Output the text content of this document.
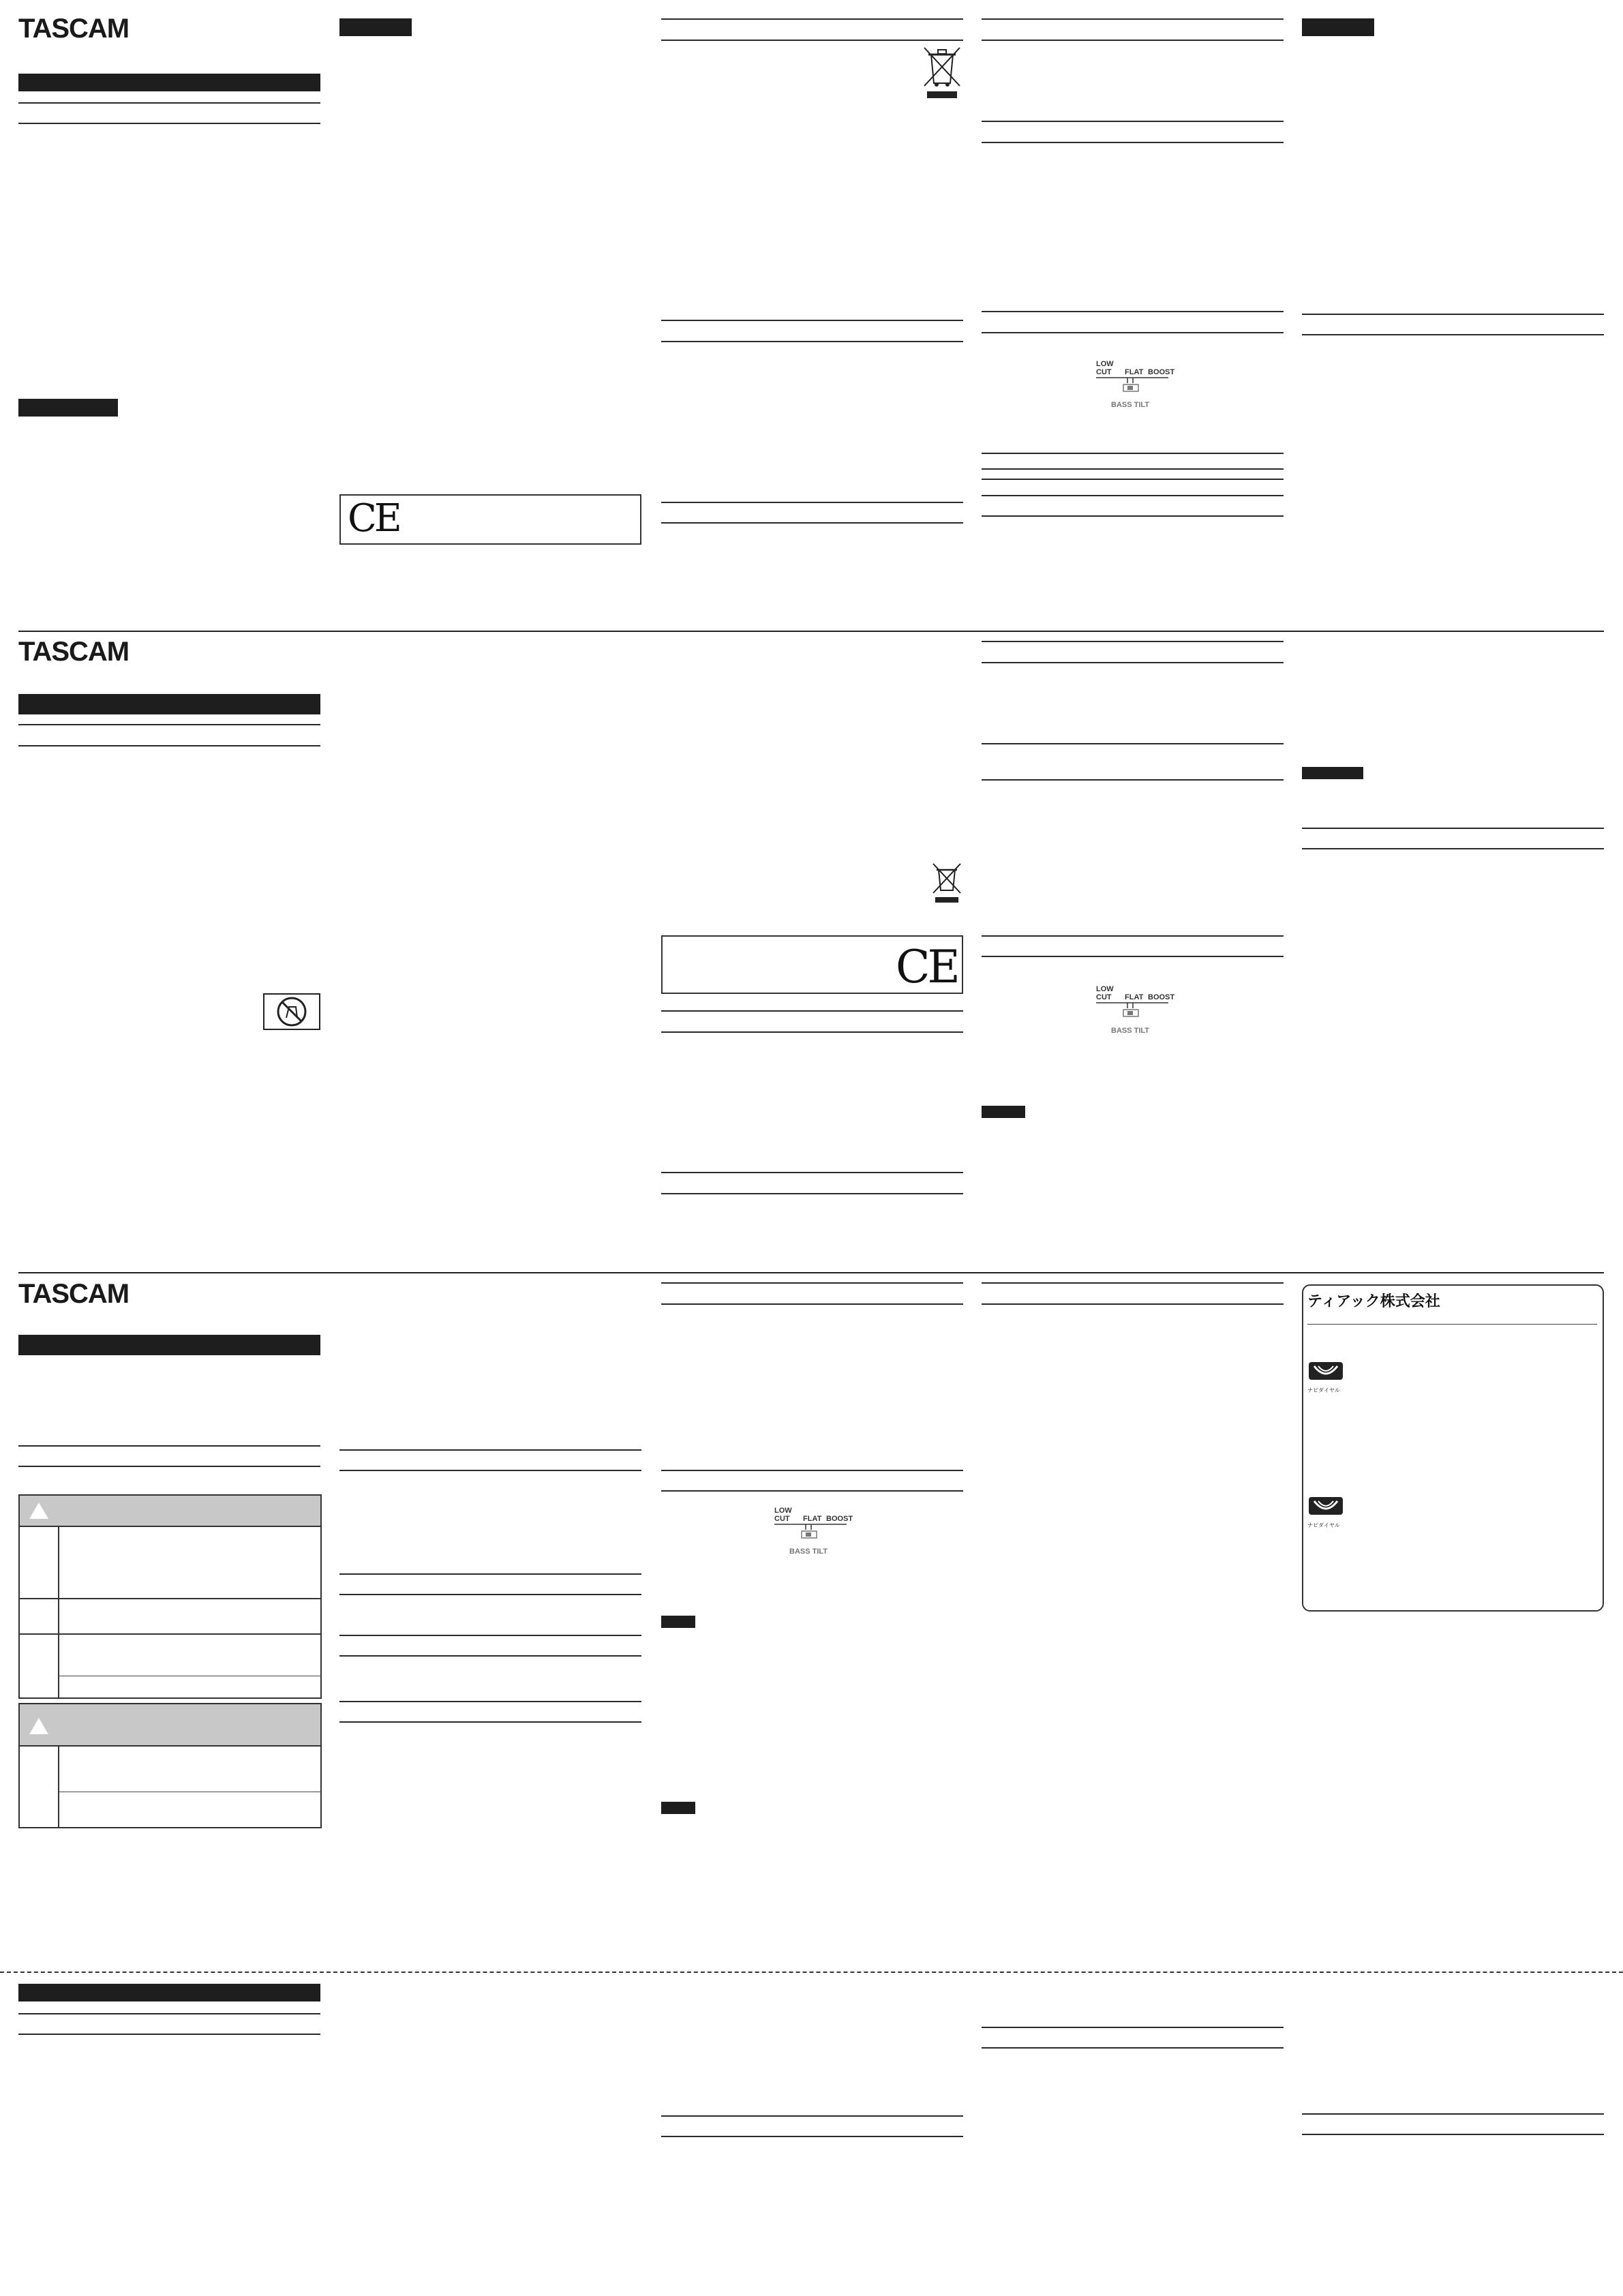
TASCAM
CE
LOW
CUT FLAT BOOST
BASS TILT
TASCAM
CE	LOW
CUT FLAT BOOST
BASS TILT
TASCAM
LOW
CUT FLAT BOOST
BASS TILT
ティアック株式会社
ナビダイヤル
ナビダイヤル
